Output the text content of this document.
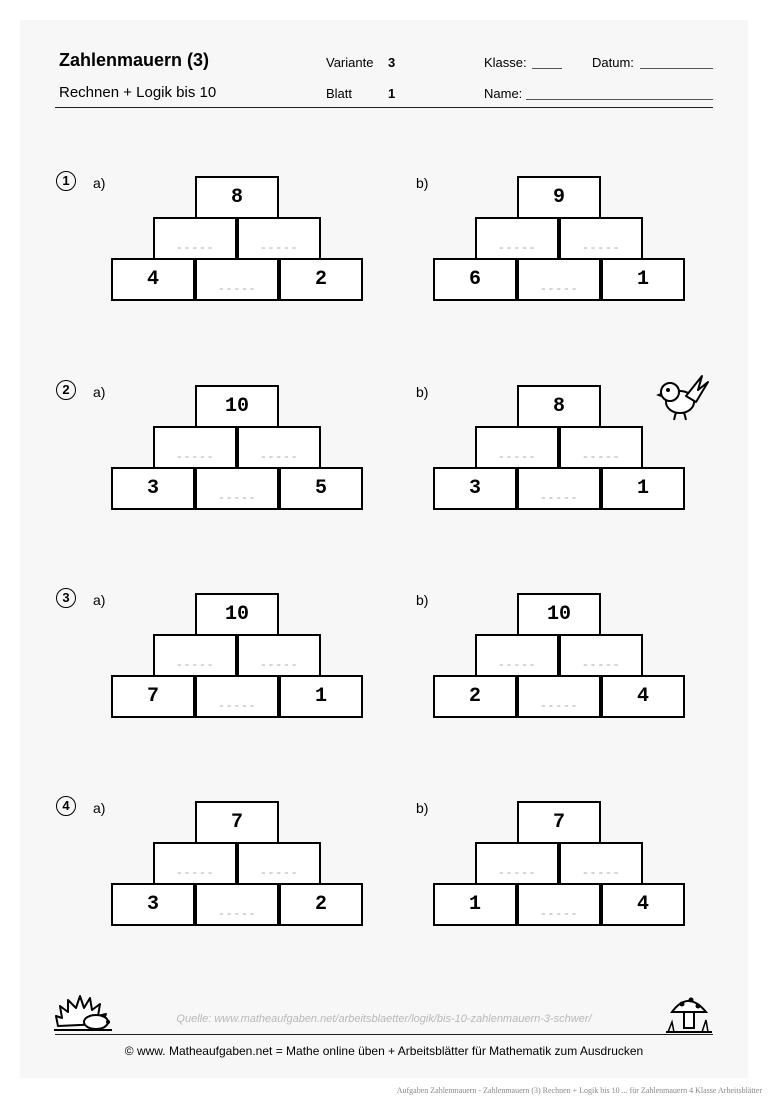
Zahlenmauern (3)
Rechnen + Logik bis 10
Variante 3
Blatt	1
Klasse:	Datum:
Name:
1	a)
8
-----	-----
4	-----	2
b)
9
-----	-----
6	-----	1
2	a)
10
-----	-----
3	-----	5
b)
8
-----	-----
3	-----	1
3	a)
10
-----	-----
7	-----	1
b)
10
-----	-----
2	-----	4
4	a)
7
-----	-----
3	-----	2
b)
7
-----	-----
1	-----	4
Quelle: www.matheaufgaben.net/arbeitsblaetter/logik/bis-10-zahlenmauern-3-schwer/
© www. Matheaufgaben.net = Mathe online üben + Arbeitsblätter für Mathematik zum Ausdrucken
Aufgaben Zahlenmauern - Zahlenmauern (3) Rechnen + Logik bis 10 ... für Zahlenmauern 4 Klasse Arbeitsblätter
